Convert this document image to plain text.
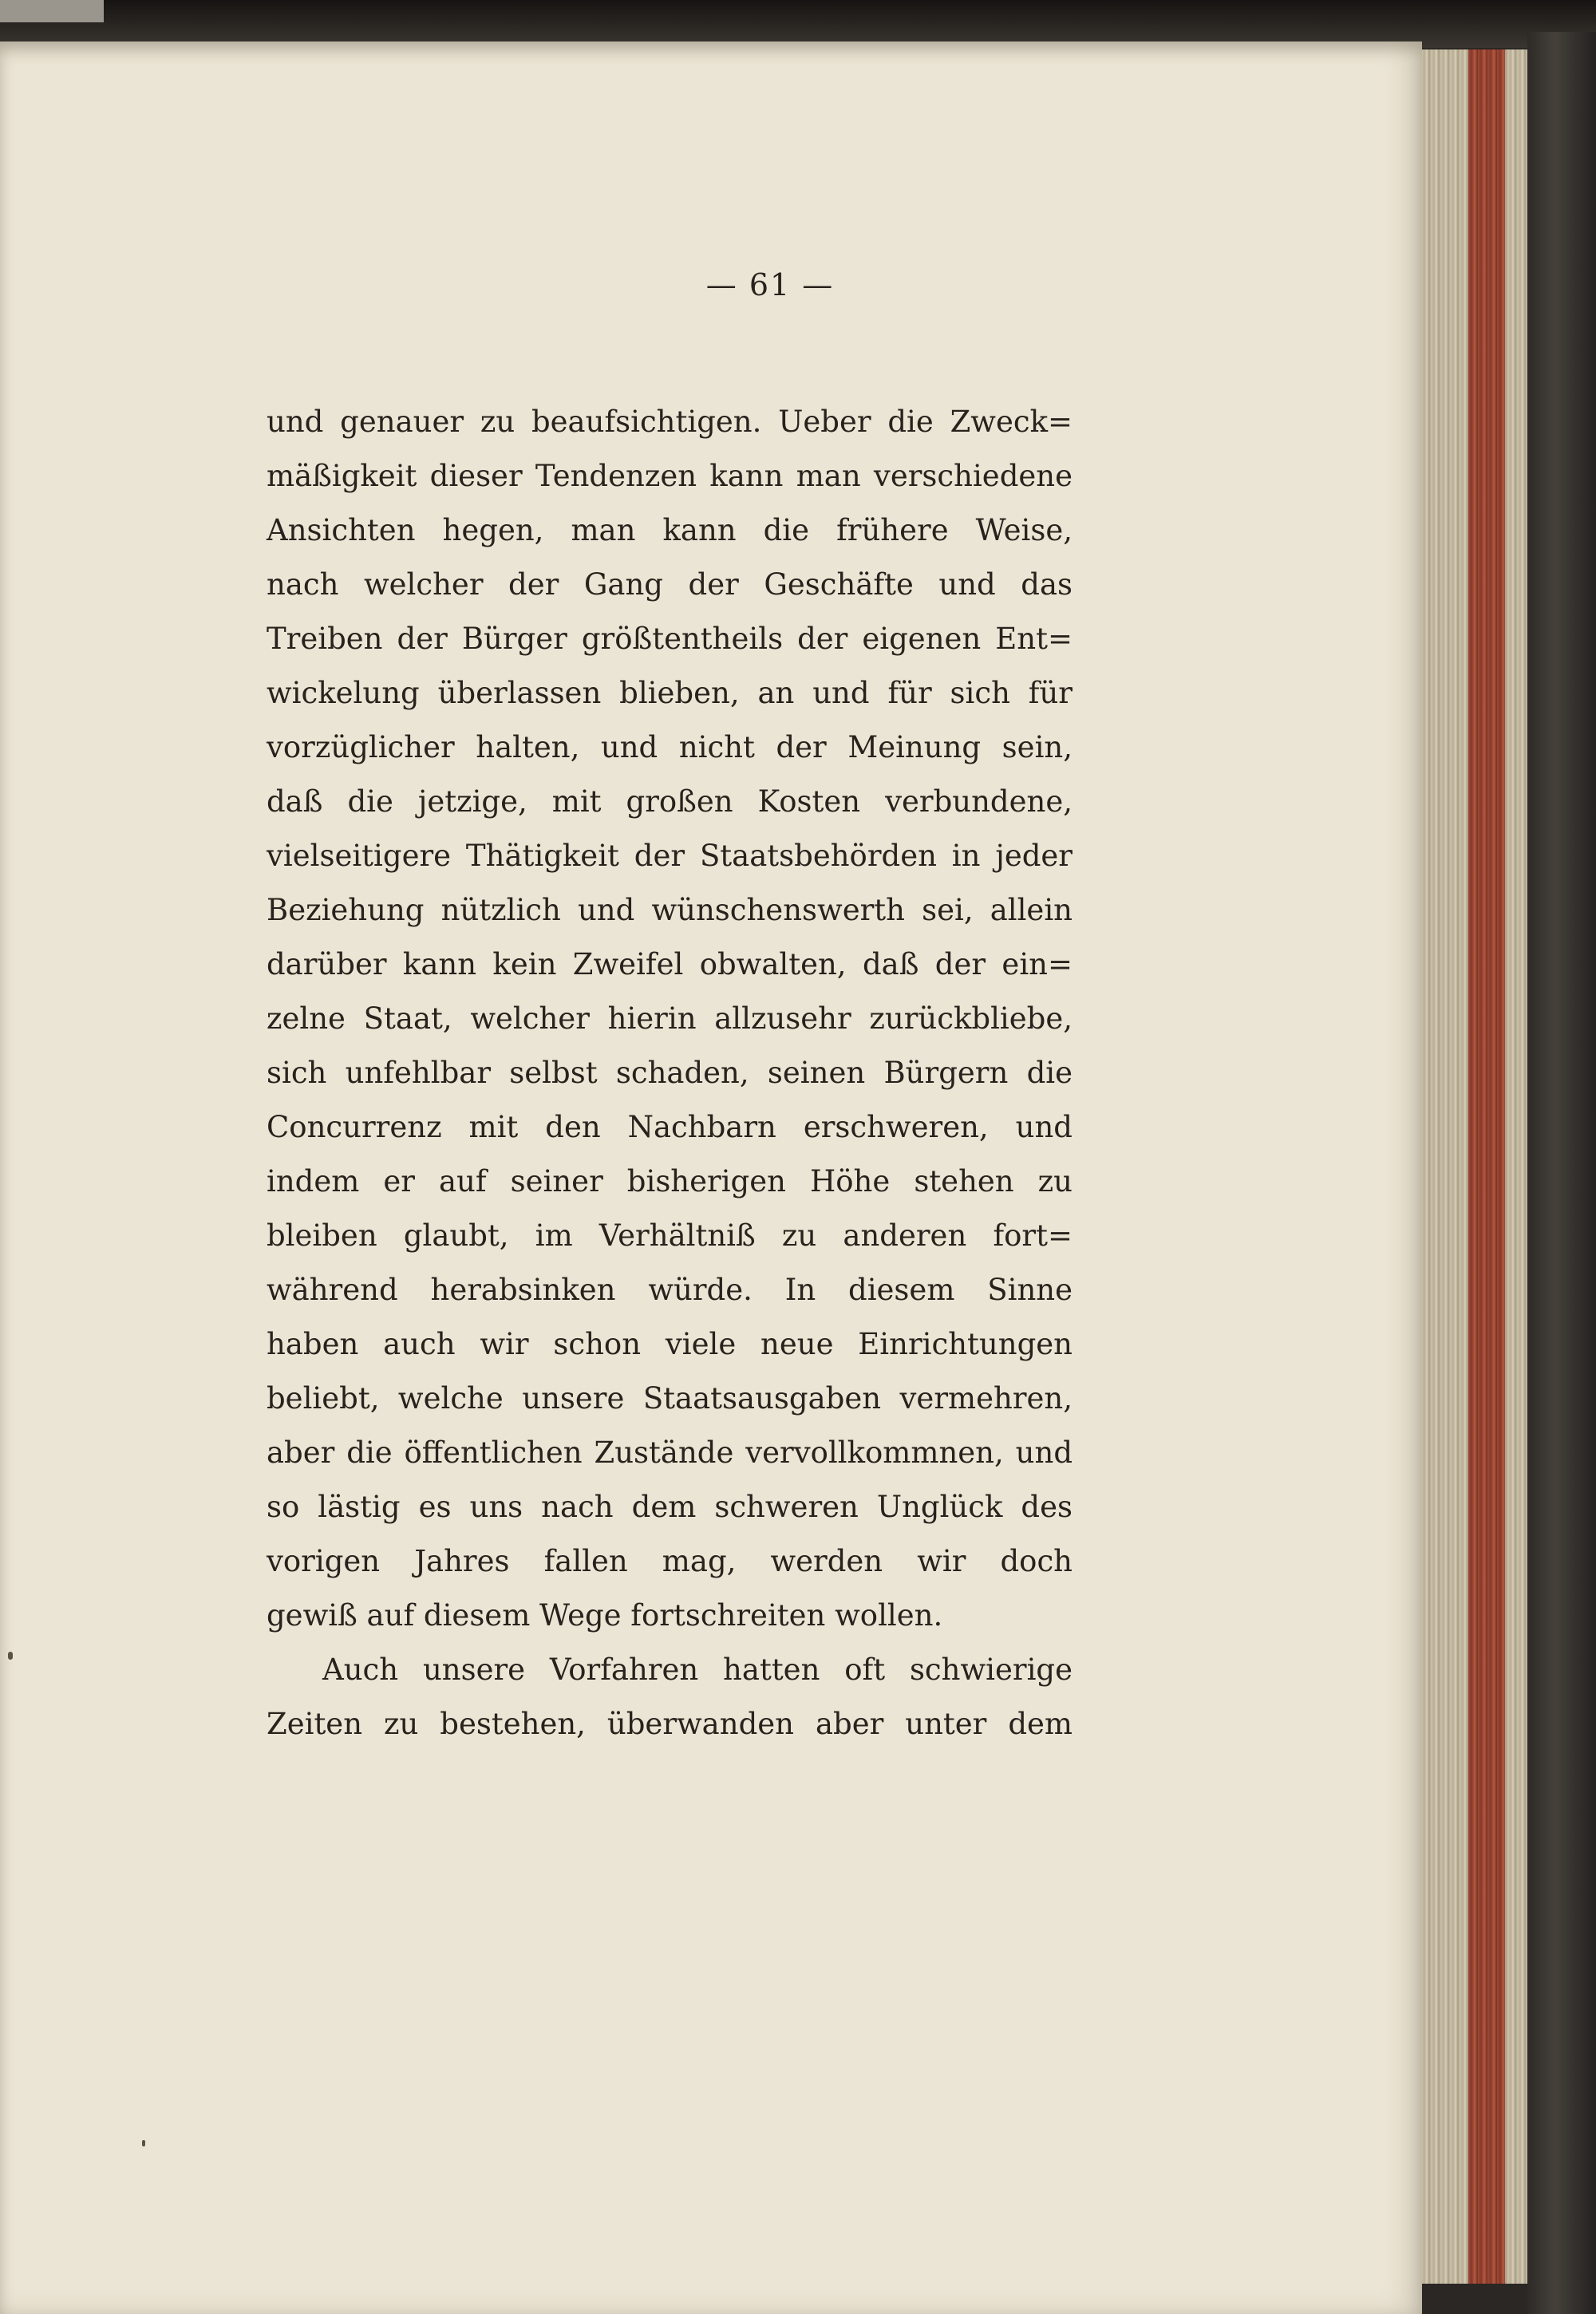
— 61 —
und genauer zu beaufsichtigen. Ueber die Zweck=
mäßigkeit dieser Tendenzen kann man verschiedene
Ansichten hegen, man kann die frühere Weise,
nach welcher der Gang der Geschäfte und das
Treiben der Bürger größtentheils der eigenen Ent=
wickelung überlassen blieben, an und für sich für
vorzüglicher halten, und nicht der Meinung sein,
daß die jetzige, mit großen Kosten verbundene,
vielseitigere Thätigkeit der Staatsbehörden in jeder
Beziehung nützlich und wünschenswerth sei, allein
darüber kann kein Zweifel obwalten, daß der ein=
zelne Staat, welcher hierin allzusehr zurückbliebe,
sich unfehlbar selbst schaden, seinen Bürgern die
Concurrenz mit den Nachbarn erschweren, und
indem er auf seiner bisherigen Höhe stehen zu
bleiben glaubt, im Verhältniß zu anderen fort=
während herabsinken würde. In diesem Sinne
haben auch wir schon viele neue Einrichtungen
beliebt, welche unsere Staatsausgaben vermehren,
aber die öffentlichen Zustände vervollkommnen, und
so lästig es uns nach dem schweren Unglück des
vorigen Jahres fallen mag, werden wir doch
gewiß auf diesem Wege fortschreiten wollen.
Auch unsere Vorfahren hatten oft schwierige
Zeiten zu bestehen, überwanden aber unter dem
